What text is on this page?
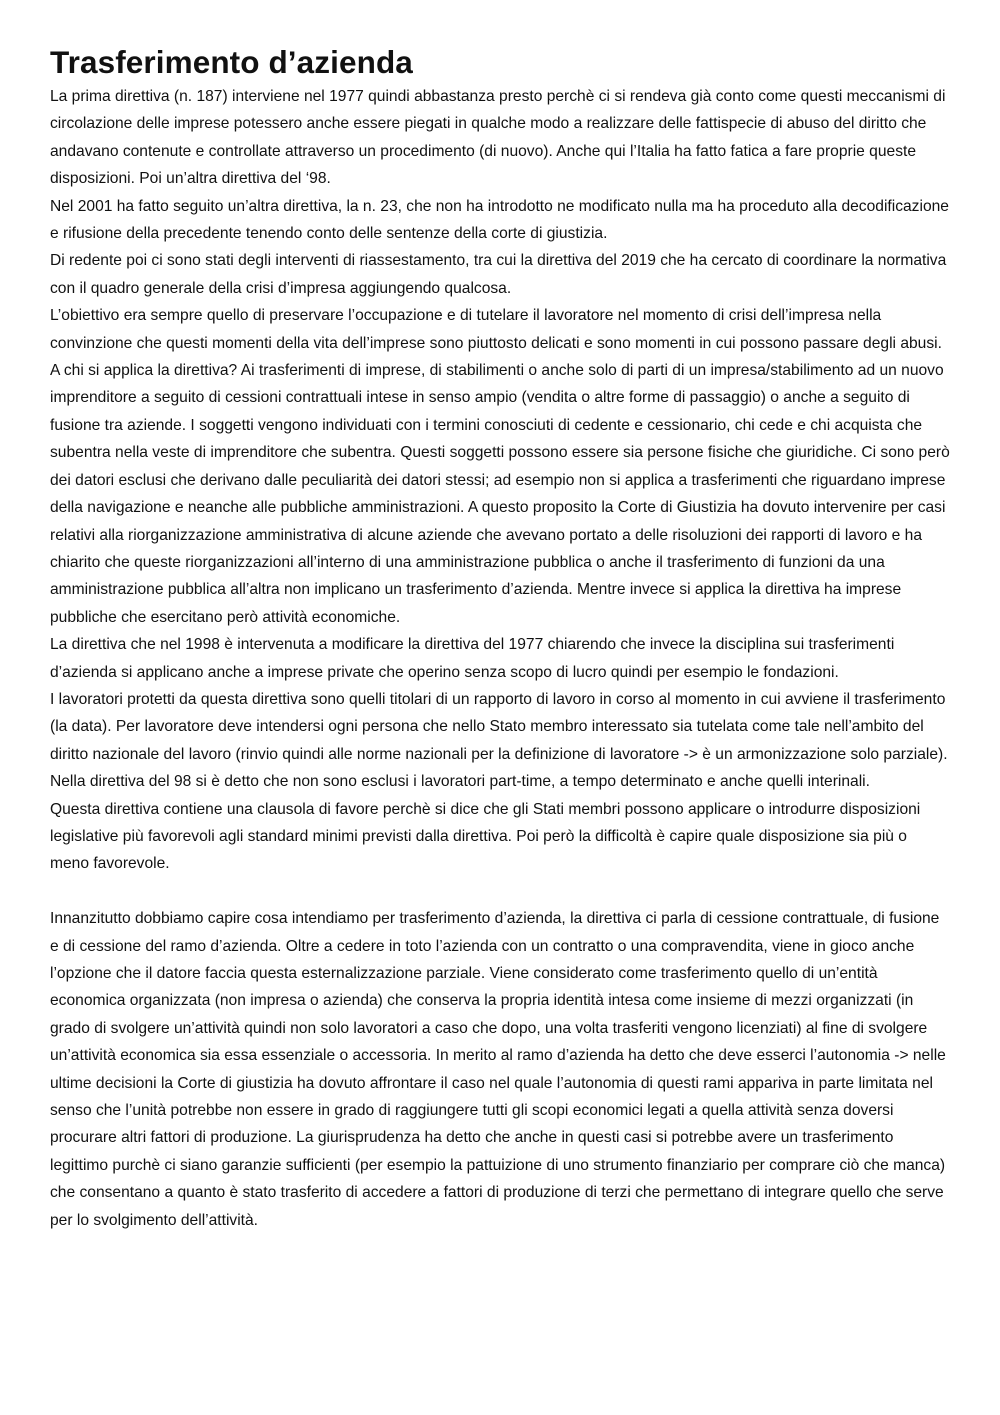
Trasferimento d’azienda

La prima direttiva (n. 187) interviene nel 1977 quindi abbastanza presto perchè ci si rendeva già conto come questi meccanismi di circolazione delle imprese potessero anche essere piegati in qualche modo a realizzare delle fattispecie di abuso del diritto che andavano contenute e controllate attraverso un procedimento (di nuovo). Anche qui l’Italia ha fatto fatica a fare proprie queste disposizioni. Poi un’altra direttiva del ‘98.

Nel 2001 ha fatto seguito un’altra direttiva, la n. 23, che non ha introdotto ne modificato nulla ma ha proceduto alla decodificazione e rifusione della precedente tenendo conto delle sentenze della corte di giustizia.

Di redente poi ci sono stati degli interventi di riassestamento, tra cui la direttiva del 2019 che ha cercato di coordinare la normativa con il quadro generale della crisi d’impresa aggiungendo qualcosa.

L’obiettivo era sempre quello di preservare l’occupazione e di tutelare il lavoratore nel momento di crisi dell’impresa nella convinzione che questi momenti della vita dell’imprese sono piuttosto delicati e sono momenti in cui possono passare degli abusi.

A chi si applica la direttiva? Ai trasferimenti di imprese, di stabilimenti o anche solo di parti di un impresa/stabilimento ad un nuovo imprenditore a seguito di cessioni contrattuali intese in senso ampio (vendita o altre forme di passaggio) o anche a seguito di fusione tra aziende. I soggetti vengono individuati con i termini conosciuti di cedente e cessionario, chi cede e chi acquista che subentra nella veste di imprenditore che subentra. Questi soggetti possono essere sia persone fisiche che giuridiche. Ci sono però dei datori esclusi che derivano dalle peculiarità dei datori stessi; ad esempio non si applica a trasferimenti che riguardano imprese della navigazione e neanche alle pubbliche amministrazioni. A questo proposito la Corte di Giustizia ha dovuto intervenire per casi relativi alla riorganizzazione amministrativa di alcune aziende che avevano portato a delle risoluzioni dei rapporti di lavoro e ha chiarito che queste riorganizzazioni all’interno di una amministrazione pubblica o anche il trasferimento di funzioni da una amministrazione pubblica all’altra non implicano un trasferimento d’azienda. Mentre invece si applica la direttiva ha imprese pubbliche che esercitano però attività economiche.

La direttiva che nel 1998 è intervenuta a modificare la direttiva del 1977 chiarendo che invece la disciplina sui trasferimenti d’azienda si applicano anche a imprese private che operino senza scopo di lucro quindi per esempio le fondazioni.

I lavoratori protetti da questa direttiva sono quelli titolari di un rapporto di lavoro in corso al momento in cui avviene il trasferimento (la data). Per lavoratore deve intendersi ogni persona che nello Stato membro interessato sia tutelata come tale nell’ambito del diritto nazionale del lavoro (rinvio quindi alle norme nazionali per la definizione di lavoratore -> è un armonizzazione solo parziale). Nella direttiva del 98 si è detto che non sono esclusi i lavoratori part-time, a tempo determinato e anche quelli interinali.

Questa direttiva contiene una clausola di favore perchè si dice che gli Stati membri possono applicare o introdurre disposizioni legislative più favorevoli agli standard minimi previsti dalla direttiva. Poi però la difficoltà è capire quale disposizione sia più o meno favorevole.

Innanzitutto dobbiamo capire cosa intendiamo per trasferimento d’azienda, la direttiva ci parla di cessione contrattuale, di fusione e di cessione del ramo d’azienda. Oltre a cedere in toto l’azienda con un contratto o una compravendita, viene in gioco anche l’opzione che il datore faccia questa esternalizzazione parziale. Viene considerato come trasferimento quello di un’entità economica organizzata (non impresa o azienda) che conserva la propria identità intesa come insieme di mezzi organizzati (in grado di svolgere un’attività quindi non solo lavoratori a caso che dopo, una volta trasferiti vengono licenziati) al fine di svolgere un’attività economica sia essa essenziale o accessoria. In merito al ramo d’azienda ha detto che deve esserci l’autonomia -> nelle ultime decisioni la Corte di giustizia ha dovuto affrontare il caso nel quale l’autonomia di questi rami appariva in parte limitata nel senso che l’unità potrebbe non essere in grado di raggiungere tutti gli scopi economici legati a quella attività senza doversi procurare altri fattori di produzione. La giurisprudenza ha detto che anche in questi casi si potrebbe avere un trasferimento legittimo purchè ci siano garanzie sufficienti (per esempio la pattuizione di uno strumento finanziario per comprare ciò che manca) che consentano a quanto è stato trasferito di accedere a fattori di produzione di terzi che permettano di integrare quello che serve per lo svolgimento dell’attività.
